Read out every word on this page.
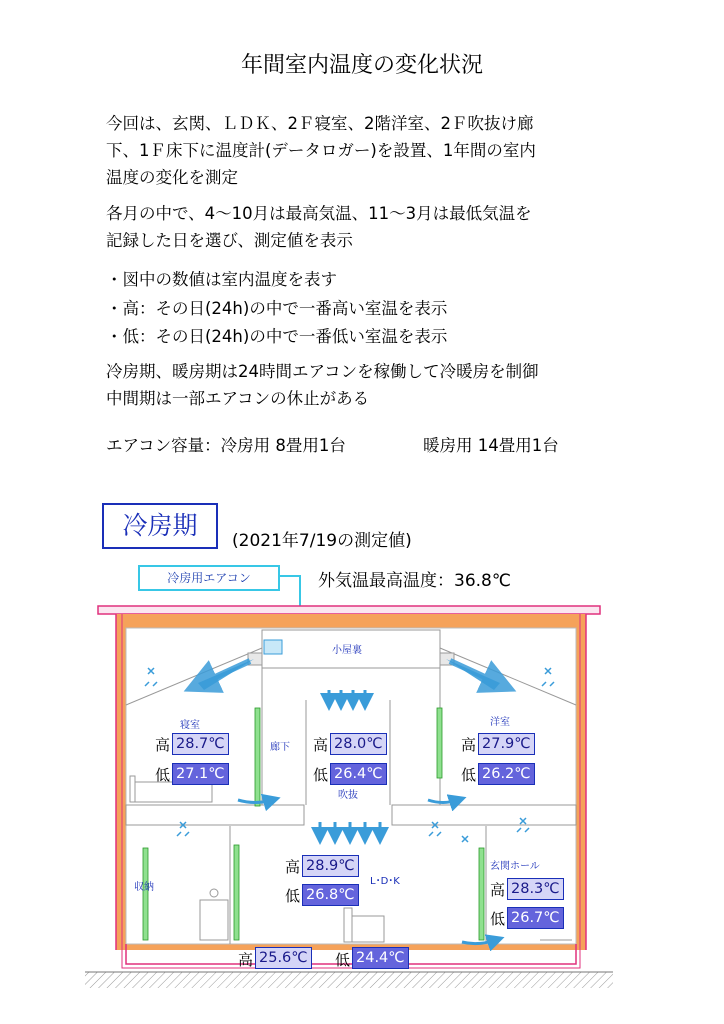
年間室内温度の変化状況
今回は、玄関、ＬＤＫ、2Ｆ寝室、2階洋室、2Ｆ吹抜け廊
下、1Ｆ床下に温度計(データロガー)を設置、1年間の室内
温度の変化を測定
各月の中で、4～10月は最高気温、11～3月は最低気温を
記録した日を選び、測定値を表示
・図中の数値は室内温度を表す
・高：その日(24h)の中で一番高い室温を表示
・低：その日(24h)の中で一番低い室温を表示
冷房期、暖房期は24時間エアコンを稼働して冷暖房を制御
中間期は一部エアコンの休止がある
エアコン容量：冷房用 8畳用1台	暖房用 14畳用1台
冷房期
(2021年7/19の測定値)
冷房用エアコン	外気温最高温度：36.8℃
小屋裏
寝室
廊下
洋室
吹抜
収納
L･D･K
玄関ホール
高 28.7℃
低 27.1℃
高 28.0℃
低 26.4℃
高 27.9℃
低 26.2℃
高 28.9℃
低 26.8℃	高 28.3℃
低 26.7℃
高 25.6℃ 低 24.4℃
